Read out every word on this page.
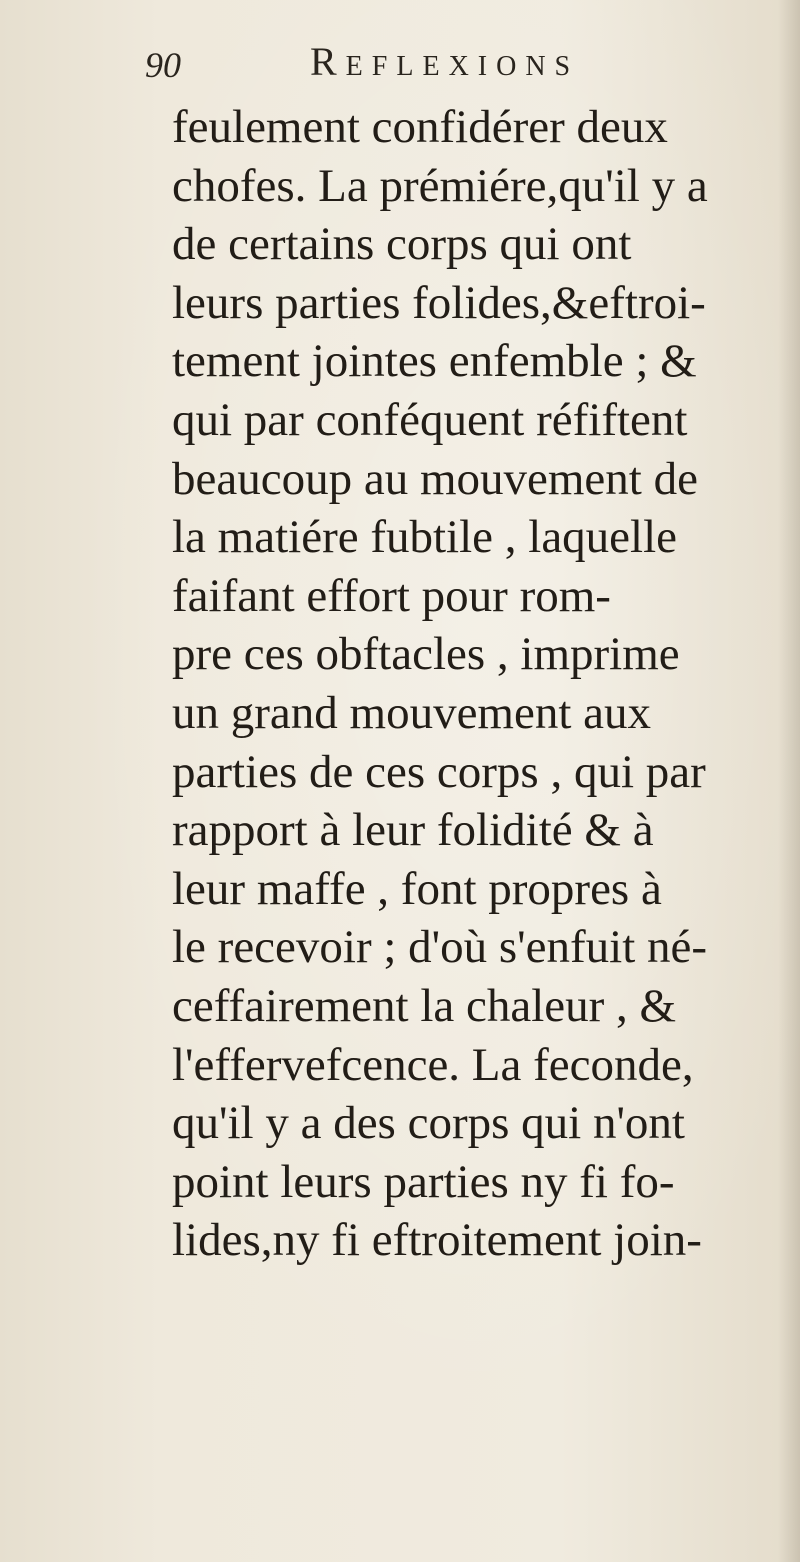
90	Reflexions
feulement confidérer deux
chofes. La prémiére,qu'il y a
de certains corps qui ont
leurs parties folides,&eftroi-
tement jointes enfemble ; &
qui par conféquent réfiftent
beaucoup au mouvement de
la matiére fubtile , laquelle
faifant effort pour rom-
pre ces obftacles , imprime
un grand mouvement aux
parties de ces corps , qui par
rapport à leur folidité & à
leur maffe , font propres à
le recevoir ; d'où s'enfuit né-
ceffairement la chaleur , &
l'effervefcence. La feconde,
qu'il y a des corps qui n'ont
point leurs parties ny fi fo-
lides,ny fi eftroitement join-
